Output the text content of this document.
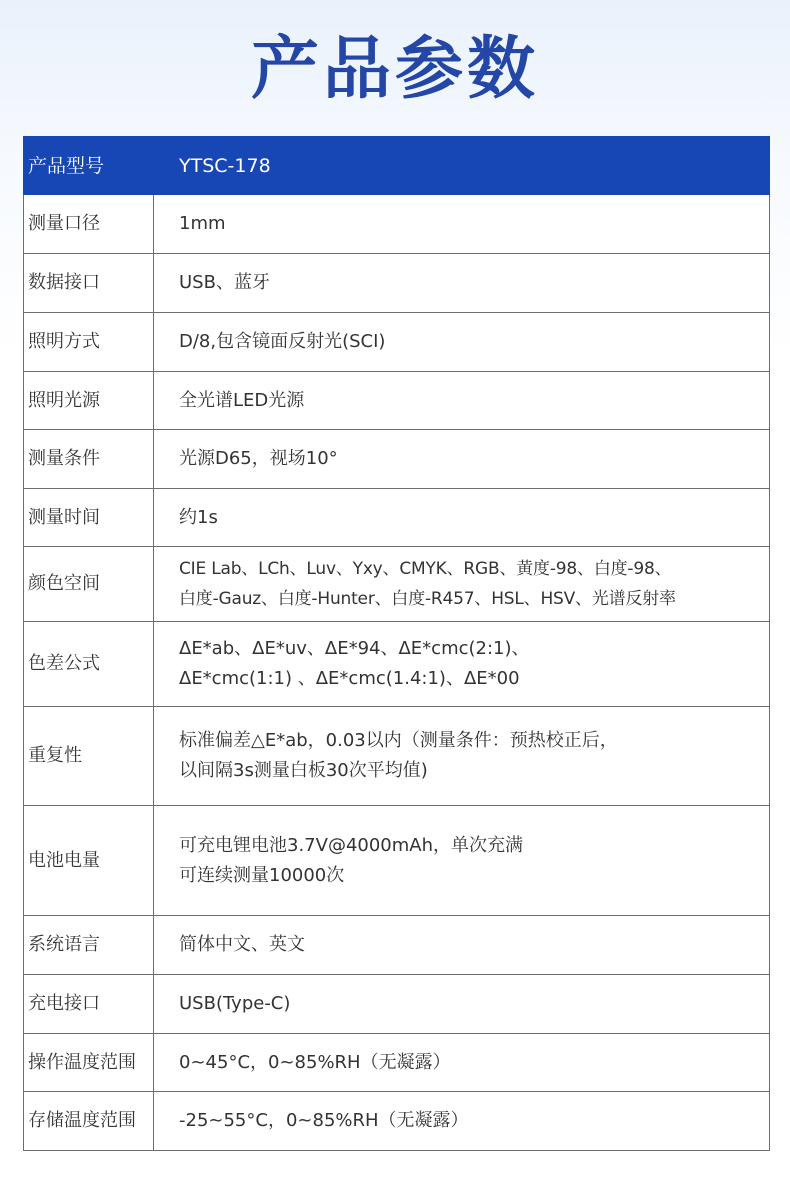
产品参数
产品型号	YTSC-178

测量口径	1mm

数据接口	USB、蓝牙

照明方式	D/8,包含镜面反射光(SCI)

照明光源	全光谱LED光源

测量条件	光源D65，视场10°

测量时间	约1s

颜色空间	CIE Lab、LCh、Luv、Yxy、CMYK、RGB、黄度-98、白度-98、
白度-Gauz、白度-Hunter、白度-R457、HSL、HSV、光谱反射率

色差公式	ΔE*ab、ΔE*uv、ΔE*94、ΔE*cmc(2:1)、
ΔE*cmc(1:1) 、ΔE*cmc(1.4:1)、ΔE*00

重复性	标准偏差△E*ab，0.03以内（测量条件：预热校正后，
以间隔3s测量白板30次平均值)

电池电量	可充电锂电池3.7V@4000mAh，单次充满
可连续测量10000次

系统语言	简体中文、英文

充电接口	USB(Type-C)

操作温度范围	0~45°C，0~85%RH（无凝露）

存储温度范围	-25~55°C，0~85%RH（无凝露）
